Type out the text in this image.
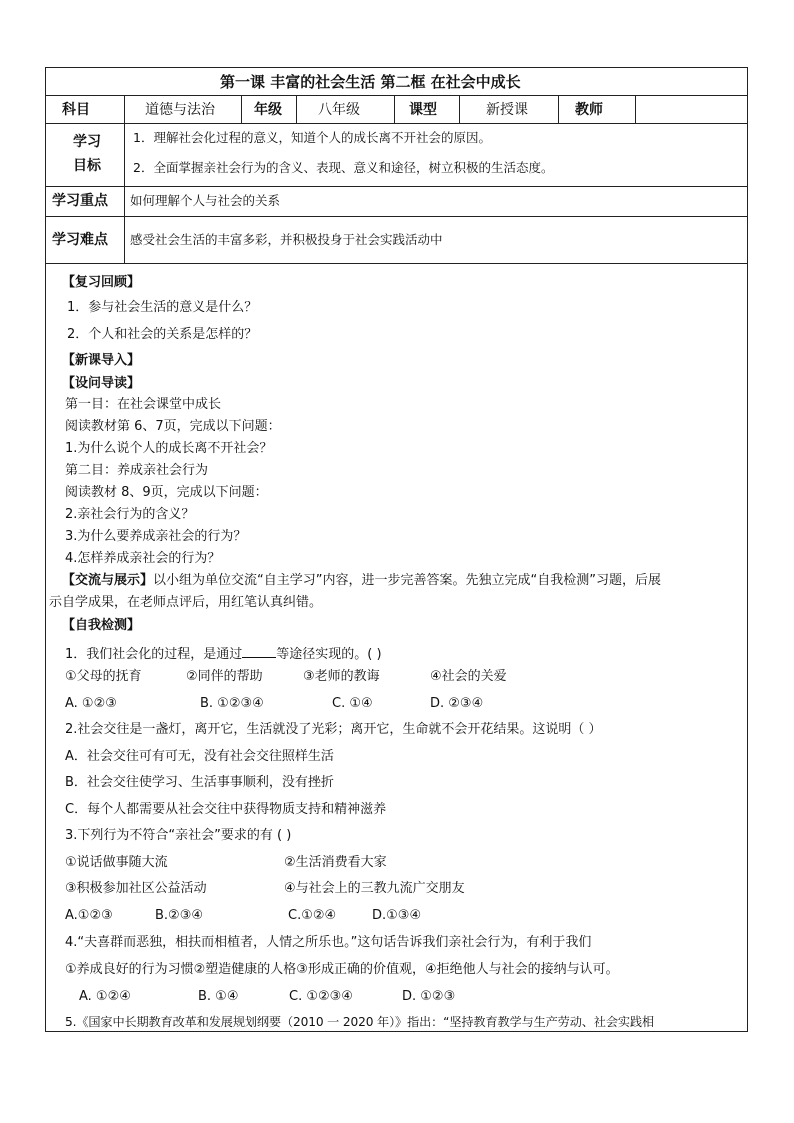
第一课 丰富的社会生活 第二框 在社会中成长
科目	道德与法治	年级	八年级	课型	新授课	教师
学习
目标
1．理解社会化过程的意义，知道个人的成长离不开社会的原因。
2．全面掌握亲社会行为的含义、表现、意义和途径，树立积极的生活态度。
学习重点 如何理解个人与社会的关系
学习难点 感受社会生活的丰富多彩，并积极投身于社会实践活动中
【复习回顾】
1．参与社会生活的意义是什么？
2．个人和社会的关系是怎样的？
【新课导入】
【设问导读】
第一目：在社会课堂中成长
阅读教材第 6、7页，完成以下问题：
1.为什么说个人的成长离不开社会？
第二目：养成亲社会行为
阅读教材 8、9页，完成以下问题：
2.亲社会行为的含义？
3.为什么要养成亲社会的行为？
4.怎样养成亲社会的行为？
【交流与展示】以小组为单位交流“自主学习”内容，进一步完善答案。先独立完成“自我检测”习题，后展
示自学成果，在老师点评后，用红笔认真纠错。
【自我检测】
1．我们社会化的过程，是通过	等途径实现的。( )
①父母的抚育	②同伴的帮助	③老师的教诲	④社会的关爱
A. ①②③	B. ①②③④	C. ①④	D. ②③④
2.社会交往是一盏灯，离开它，生活就没了光彩；离开它，生命就不会开花结果。这说明（ ）
A．社会交往可有可无，没有社会交往照样生活
B．社会交往使学习、生活事事顺利，没有挫折
C．每个人都需要从社会交往中获得物质支持和精神滋养
3.下列行为不符合“亲社会”要求的有 ( )
①说话做事随大流	②生活消费看大家
③积极参加社区公益活动	④与社会上的三教九流广交朋友
A.①②③	B.②③④	C.①②④	D.①③④
4.“夫喜群而恶独，相扶而相植者，人情之所乐也。”这句话告诉我们亲社会行为，有利于我们
①养成良好的行为习惯②塑造健康的人格③形成正确的价值观，④拒绝他人与社会的接纳与认可。
A. ①②④	B. ①④	C. ①②③④	D. ①②③
5.《国家中长期教育改革和发展规划纲要（2010 一 2020 年）》指出：“坚持教育教学与生产劳动、社会实践相
